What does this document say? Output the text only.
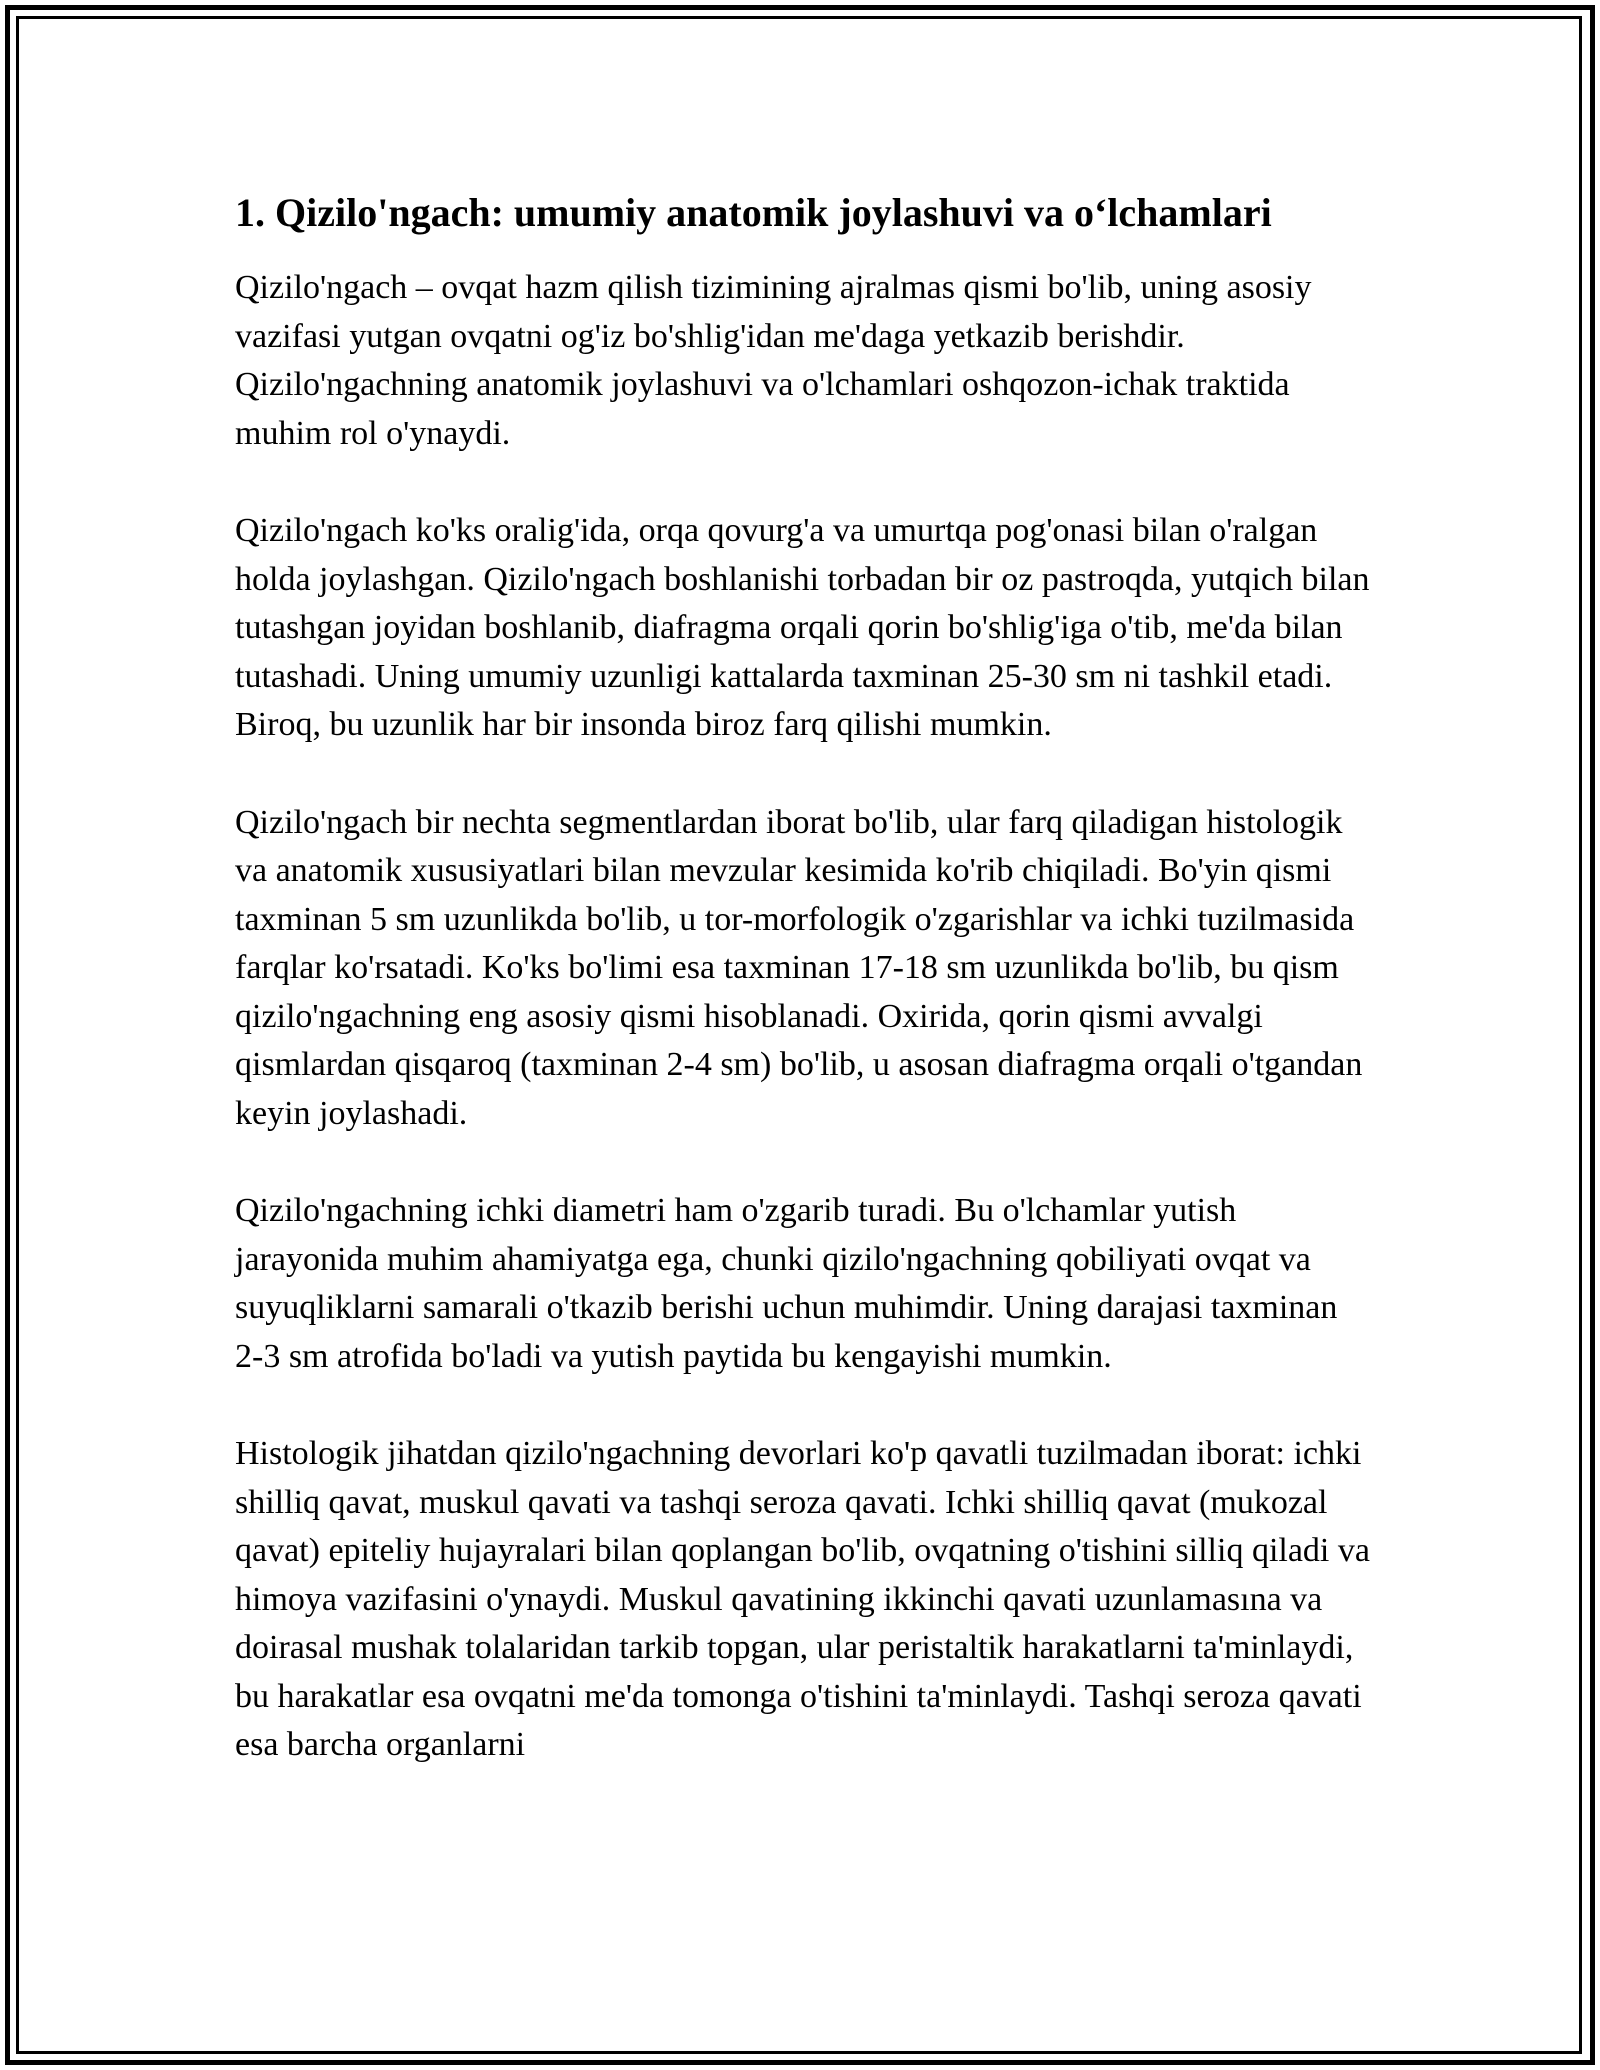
1. Qizilo'ngach: umumiy anatomik joylashuvi va o‘lchamlari

Qizilo'ngach – ovqat hazm qilish tizimining ajralmas qismi bo'lib, uning asosiy vazifasi yutgan ovqatni og'iz bo'shlig'idan me'daga yetkazib berishdir. Qizilo'ngachning anatomik joylashuvi va o'lchamlari oshqozon-ichak traktida muhim rol o'ynaydi.

Qizilo'ngach ko'ks oralig'ida, orqa qovurg'a va umurtqa pog'onasi bilan o'ralgan holda joylashgan. Qizilo'ngach boshlanishi torbadan bir oz pastroqda, yutqich bilan tutashgan joyidan boshlanib, diafragma orqali qorin bo'shlig'iga o'tib, me'da bilan tutashadi. Uning umumiy uzunligi kattalarda taxminan 25-30 sm ni tashkil etadi. Biroq, bu uzunlik har bir insonda biroz farq qilishi mumkin.

Qizilo'ngach bir nechta segmentlardan iborat bo'lib, ular farq qiladigan histologik va anatomik xususiyatlari bilan mevzular kesimida ko'rib chiqiladi. Bo'yin qismi taxminan 5 sm uzunlikda bo'lib, u tor-morfologik o'zgarishlar va ichki tuzilmasida farqlar ko'rsatadi. Ko'ks bo'limi esa taxminan 17-18 sm uzunlikda bo'lib, bu qism qizilo'ngachning eng asosiy qismi hisoblanadi. Oxirida, qorin qismi avvalgi qismlardan qisqaroq (taxminan 2-4 sm) bo'lib, u asosan diafragma orqali o'tgandan keyin joylashadi.

Qizilo'ngachning ichki diametri ham o'zgarib turadi. Bu o'lchamlar yutish jarayonida muhim ahamiyatga ega, chunki qizilo'ngachning qobiliyati ovqat va suyuqliklarni samarali o'tkazib berishi uchun muhimdir. Uning darajasi taxminan 2-3 sm atrofida bo'ladi va yutish paytida bu kengayishi mumkin.

Histologik jihatdan qizilo'ngachning devorlari ko'p qavatli tuzilmadan iborat: ichki shilliq qavat, muskul qavati va tashqi seroza qavati. Ichki shilliq qavat (mukozal qavat) epiteliy hujayralari bilan qoplangan bo'lib, ovqatning o'tishini silliq qiladi va himoya vazifasini o'ynaydi. Muskul qavatining ikkinchi qavati uzunlamasına va doirasal mushak tolalaridan tarkib topgan, ular peristaltik harakatlarni ta'minlaydi, bu harakatlar esa ovqatni me'da tomonga o'tishini ta'minlaydi. Tashqi seroza qavati esa barcha organlarni
